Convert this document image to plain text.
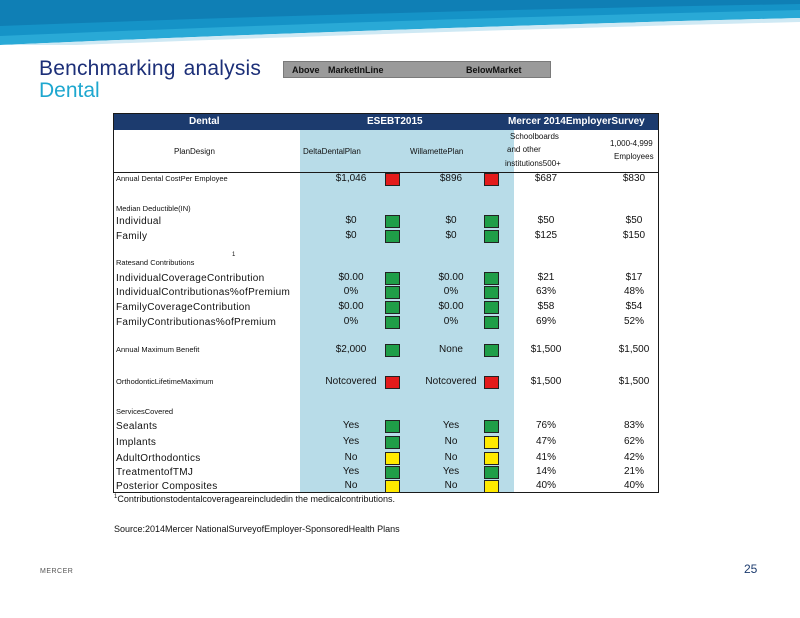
Benchmarking analysis
Dental
Above MarketInLine	BelowMarket
Dental	ESEBT2015	Mercer 2014EmployerSurvey
PlanDesign	DeltaDentalPlan	WillamettePlan
Schoolboards
and other
institutions500+
1,000-4,999
Employees
Annual Dental CostPer Employee	$1,046	$896	$687	$830
Median Deductible(IN)
Individual	$0	$0	$50	$50
Family	$0	$0	$125	$150
Ratesand Contributions
1
IndividualCoverageContribution	$0.00	$0.00	$21	$17
IndividualContributionas%ofPremium	0%	0%	63%	48%
FamilyCoverageContribution	$0.00	$0.00	$58	$54
FamilyContributionas%ofPremium	0%	0%	69%	52%
Annual Maximum Benefit	$2,000	None	$1,500	$1,500
OrthodonticLifetimeMaximum	Notcovered	Notcovered	$1,500	$1,500
ServicesCovered
Sealants	Yes	Yes	76%	83%
Implants	Yes	No	47%	62%
AdultOrthodontics	No	No	41%	42%
TreatmentofTMJ	Yes	Yes	14%	21%
Posterior Composites	No	No	40%	40%
$^1$Contributionstodentalcoverageareincludedin the medicalcontributions.
Source:2014Mercer NationalSurveyofEmployer-SponsoredHealth Plans
MERCER	25
